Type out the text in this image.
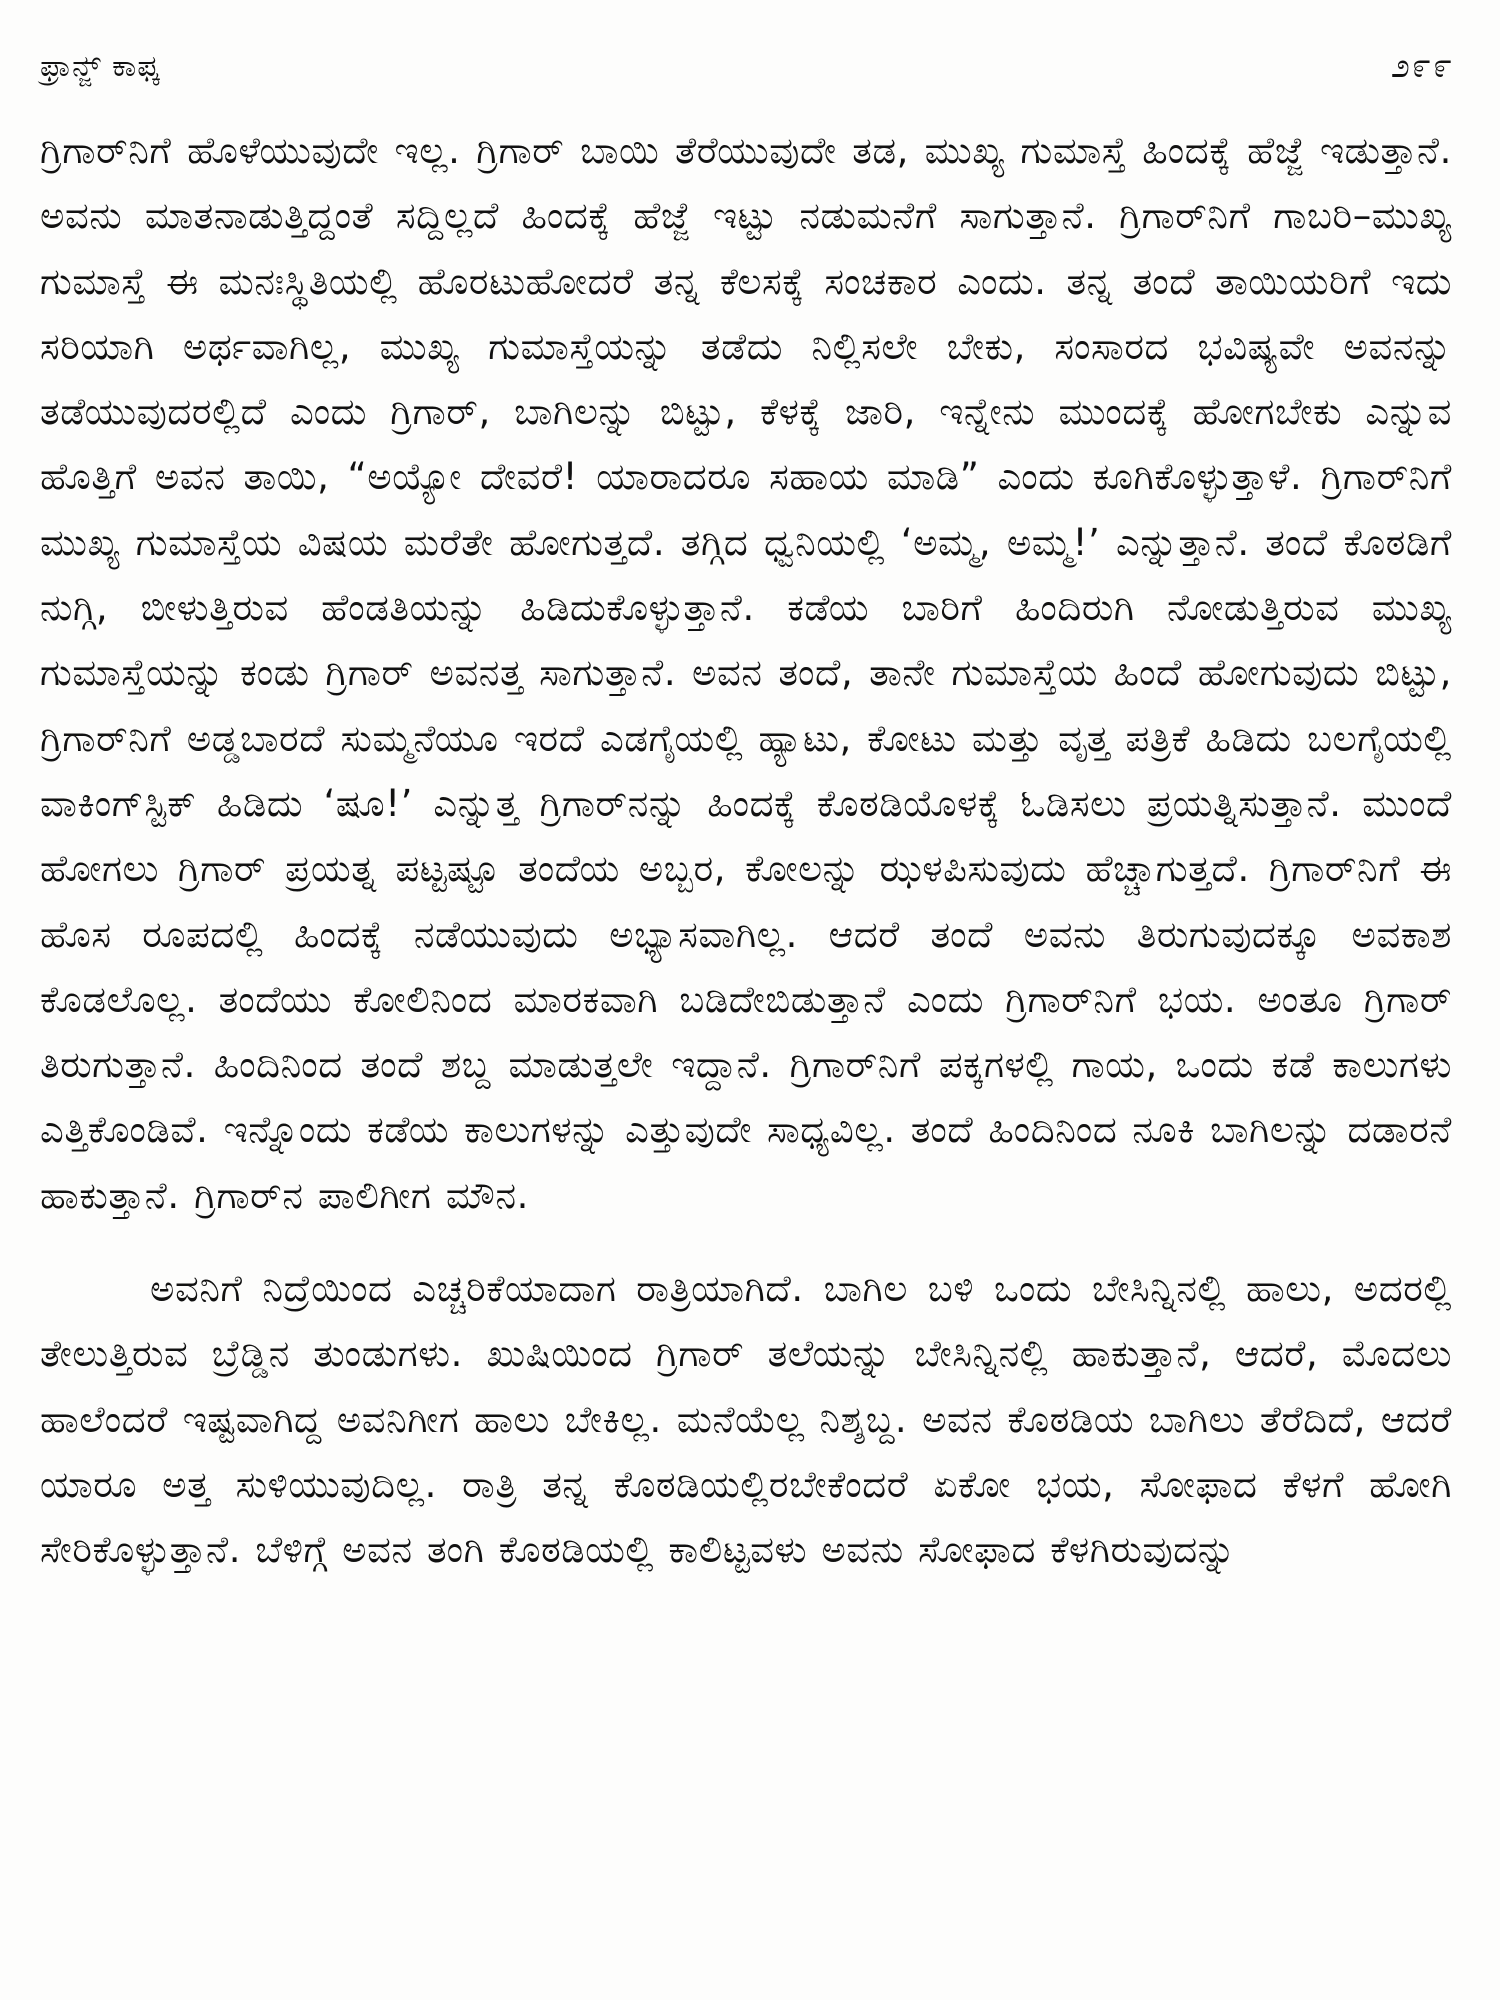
ಫ್ರಾನ್ಜ್ ಕಾಫ್ಕ	೨೯೯

ಗ್ರಿಗಾರ್‌ನಿಗೆ ಹೊಳೆಯುವುದೇ ಇಲ್ಲ. ಗ್ರಿಗಾರ್ ಬಾಯಿ ತೆರೆಯುವುದೇ ತಡ, ಮುಖ್ಯ ಗುಮಾಸ್ತೆ ಹಿಂದಕ್ಕೆ ಹೆಜ್ಜೆ ಇಡುತ್ತಾನೆ. ಅವನು ಮಾತನಾಡುತ್ತಿದ್ದಂತೆ ಸದ್ದಿಲ್ಲದೆ ಹಿಂದಕ್ಕೆ ಹೆಜ್ಜೆ ಇಟ್ಟು ನಡುಮನೆಗೆ ಸಾಗುತ್ತಾನೆ. ಗ್ರಿಗಾರ್‌ನಿಗೆ ಗಾಬರಿ–ಮುಖ್ಯ ಗುಮಾಸ್ತೆ ಈ ಮನಃಸ್ಥಿತಿಯಲ್ಲಿ ಹೊರಟುಹೋದರೆ ತನ್ನ ಕೆಲಸಕ್ಕೆ ಸಂಚಕಾರ ಎಂದು. ತನ್ನ ತಂದೆ ತಾಯಿಯರಿಗೆ ಇದು ಸರಿಯಾಗಿ ಅರ್ಥವಾಗಿಲ್ಲ, ಮುಖ್ಯ ಗುಮಾಸ್ತೆಯನ್ನು ತಡೆದು ನಿಲ್ಲಿಸಲೇ ಬೇಕು, ಸಂಸಾರದ ಭವಿಷ್ಯವೇ ಅವನನ್ನು ತಡೆಯುವುದರಲ್ಲಿದೆ ಎಂದು ಗ್ರಿಗಾರ್, ಬಾಗಿಲನ್ನು ಬಿಟ್ಟು, ಕೆಳಕ್ಕೆ ಜಾರಿ, ಇನ್ನೇನು ಮುಂದಕ್ಕೆ ಹೋಗಬೇಕು ಎನ್ನುವ ಹೊತ್ತಿಗೆ ಅವನ ತಾಯಿ, “ಅಯ್ಯೋ ದೇವರೆ! ಯಾರಾದರೂ ಸಹಾಯ ಮಾಡಿ” ಎಂದು ಕೂಗಿಕೊಳ್ಳುತ್ತಾಳೆ. ಗ್ರಿಗಾರ್‌ನಿಗೆ ಮುಖ್ಯ ಗುಮಾಸ್ತೆಯ ವಿಷಯ ಮರೆತೇ ಹೋಗುತ್ತದೆ. ತಗ್ಗಿದ ಧ್ವನಿಯಲ್ಲಿ ‘ಅಮ್ಮ, ಅಮ್ಮ!’ ಎನ್ನುತ್ತಾನೆ. ತಂದೆ ಕೊಠಡಿಗೆ ನುಗ್ಗಿ, ಬೀಳುತ್ತಿರುವ ಹೆಂಡತಿಯನ್ನು ಹಿಡಿದುಕೊಳ್ಳುತ್ತಾನೆ. ಕಡೆಯ ಬಾರಿಗೆ ಹಿಂದಿರುಗಿ ನೋಡುತ್ತಿರುವ ಮುಖ್ಯ ಗುಮಾಸ್ತೆಯನ್ನು ಕಂಡು ಗ್ರಿಗಾರ್ ಅವನತ್ತ ಸಾಗುತ್ತಾನೆ. ಅವನ ತಂದೆ, ತಾನೇ ಗುಮಾಸ್ತೆಯ ಹಿಂದೆ ಹೋಗುವುದು ಬಿಟ್ಟು, ಗ್ರಿಗಾರ್‌ನಿಗೆ ಅಡ್ಡಬಾರದೆ ಸುಮ್ಮನೆಯೂ ಇರದೆ ಎಡಗೈಯಲ್ಲಿ ಹ್ಯಾಟು, ಕೋಟು ಮತ್ತು ವೃತ್ತ ಪತ್ರಿಕೆ ಹಿಡಿದು ಬಲಗೈಯಲ್ಲಿ ವಾಕಿಂಗ್‌ಸ್ಟಿಕ್ ಹಿಡಿದು ‘ಷೂ!’ ಎನ್ನುತ್ತ ಗ್ರಿಗಾರ್‌ನನ್ನು ಹಿಂದಕ್ಕೆ ಕೊಠಡಿಯೊಳಕ್ಕೆ ಓಡಿಸಲು ಪ್ರಯತ್ನಿಸುತ್ತಾನೆ. ಮುಂದೆ ಹೋಗಲು ಗ್ರಿಗಾರ್ ಪ್ರಯತ್ನ ಪಟ್ಟಷ್ಟೂ ತಂದೆಯ ಅಬ್ಬರ, ಕೋಲನ್ನು ಝಳಪಿಸುವುದು ಹೆಚ್ಚಾಗುತ್ತದೆ. ಗ್ರಿಗಾರ್‌ನಿಗೆ ಈ ಹೊಸ ರೂಪದಲ್ಲಿ ಹಿಂದಕ್ಕೆ ನಡೆಯುವುದು ಅಭ್ಯಾಸವಾಗಿಲ್ಲ. ಆದರೆ ತಂದೆ ಅವನು ತಿರುಗುವುದಕ್ಕೂ ಅವಕಾಶ ಕೊಡಲೊಲ್ಲ. ತಂದೆಯು ಕೋಲಿನಿಂದ ಮಾರಕವಾಗಿ ಬಡಿದೇಬಿಡುತ್ತಾನೆ ಎಂದು ಗ್ರಿಗಾರ್‌ನಿಗೆ ಭಯ. ಅಂತೂ ಗ್ರಿಗಾರ್ ತಿರುಗುತ್ತಾನೆ. ಹಿಂದಿನಿಂದ ತಂದೆ ಶಬ್ದ ಮಾಡುತ್ತಲೇ ಇದ್ದಾನೆ. ಗ್ರಿಗಾರ್‌ನಿಗೆ ಪಕ್ಕಗಳಲ್ಲಿ ಗಾಯ, ಒಂದು ಕಡೆ ಕಾಲುಗಳು ಎತ್ತಿಕೊಂಡಿವೆ. ಇನ್ನೊಂದು ಕಡೆಯ ಕಾಲುಗಳನ್ನು ಎತ್ತುವುದೇ ಸಾಧ್ಯವಿಲ್ಲ. ತಂದೆ ಹಿಂದಿನಿಂದ ನೂಕಿ ಬಾಗಿಲನ್ನು ದಡಾರನೆ ಹಾಕುತ್ತಾನೆ. ಗ್ರಿಗಾರ್‌ನ ಪಾಲಿಗೀಗ ಮೌನ.

ಅವನಿಗೆ ನಿದ್ರೆಯಿಂದ ಎಚ್ಚರಿಕೆಯಾದಾಗ ರಾತ್ರಿಯಾಗಿದೆ. ಬಾಗಿಲ ಬಳಿ ಒಂದು ಬೇಸಿನ್ನಿನಲ್ಲಿ ಹಾಲು, ಅದರಲ್ಲಿ ತೇಲುತ್ತಿರುವ ಬ್ರೆಡ್ಡಿನ ತುಂಡುಗಳು. ಖುಷಿಯಿಂದ ಗ್ರಿಗಾರ್ ತಲೆಯನ್ನು ಬೇಸಿನ್ನಿನಲ್ಲಿ ಹಾಕುತ್ತಾನೆ, ಆದರೆ, ಮೊದಲು ಹಾಲೆಂದರೆ ಇಷ್ಟವಾಗಿದ್ದ ಅವನಿಗೀಗ ಹಾಲು ಬೇಕಿಲ್ಲ. ಮನೆಯೆಲ್ಲ ನಿಶ್ಶಬ್ದ. ಅವನ ಕೊಠಡಿಯ ಬಾಗಿಲು ತೆರೆದಿದೆ, ಆದರೆ ಯಾರೂ ಅತ್ತ ಸುಳಿಯುವುದಿಲ್ಲ. ರಾತ್ರಿ ತನ್ನ ಕೊಠಡಿಯಲ್ಲಿರಬೇಕೆಂದರೆ ಏಕೋ ಭಯ, ಸೋಫಾದ ಕೆಳಗೆ ಹೋಗಿ ಸೇರಿಕೊಳ್ಳುತ್ತಾನೆ. ಬೆಳಿಗ್ಗೆ ಅವನ ತಂಗಿ ಕೊಠಡಿಯಲ್ಲಿ ಕಾಲಿಟ್ಟವಳು ಅವನು ಸೋಫಾದ ಕೆಳಗಿರುವುದನ್ನು
